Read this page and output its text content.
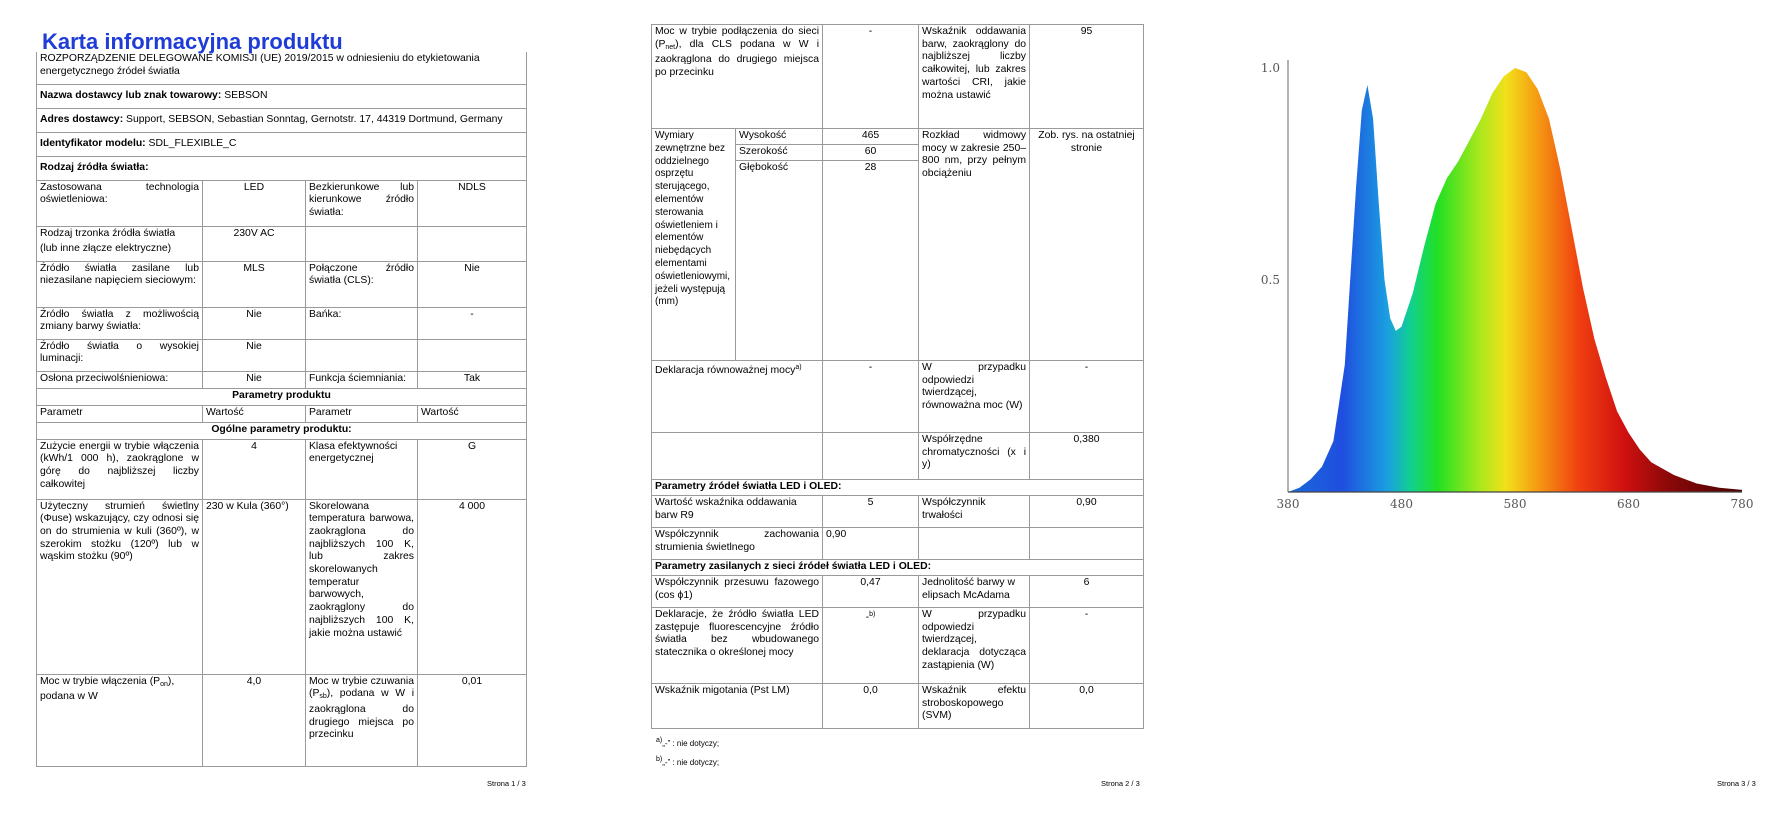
Karta informacyjna produktu
ROZPORZĄDZENIE DELEGOWANE KOMISJI (UE) 2019/2015 w odniesieniu do etykietowania energetycznego źródeł światła			
Nazwa dostawcy lub znak towarowy: SEBSON			
Adres dostawcy: Support, SEBSON, Sebastian Sonntag, Gernotstr. 17, 44319 Dortmund, Germany			
Identyfikator modelu: SDL_FLEXIBLE_C			
Rodzaj źródła światła:			
Zastosowana technologia oświetleniowa:	LED	Bezkierunkowe lub kierunkowe źródło światła:	NDLS

Rodzaj trzonka źródła światła
(lub inne złącze elektryczne)	230V AC		
Źródło światła zasilane lub niezasilane napięciem sieciowym:	MLS	Połączone źródło światła (CLS):	Nie
Źródło światła z możliwością zmiany barwy światła:	Nie	Bańka:	-
Źródło światła o wysokiej luminacji:	Nie		
Osłona przeciwolśnieniowa:	Nie	Funkcja ściemniania:	Tak
Parametry produktu			
Parametr	Wartość	Parametr	Wartość
Ogólne parametry produktu:			
Zużycie energii w trybie włączenia (kWh/1 000 h), zaokrąglone w górę do najbliższej liczby całkowitej	4	Klasa efektywności energetycznej	G
Użyteczny strumień świetlny (Φuse) wskazujący, czy odnosi się on do strumienia w kuli (360º), w szerokim stożku (120º) lub w wąskim stożku (90º)	230 w Kula (360°)	Skorelowana temperatura barwowa, zaokrąglona do najbliższych 100 K, lub zakres skorelowanych temperatur barwowych, zaokrąglony do najbliższych 100 K, jakie można ustawić	4 000
Moc w trybie włączenia $(P_{on})$, podana w W	4,0	Moc w trybie czuwania $(P_{sb})$, podana w W i zaokrąglona do drugiego miejsca po przecinku	0,01
Strona 1 / 3
Moc w trybie podłączenia do sieci $(P_{net})$, dla CLS podana w W i zaokrąglona do drugiego miejsca po przecinku		-	Wskaźnik oddawania barw, zaokrąglony do najbliższej liczby całkowitej, lub zakres wartości CRI, jakie można ustawić	95
Wymiary zewnętrzne bez oddzielnego osprzętu sterującego, elementów sterowania oświetleniem i elementów niebędących elementami oświetleniowymi, jeżeli występują (mm)	Wysokość	465	Rozkład widmowy mocy w zakresie 250–800 nm, przy pełnym obciążeniu	Zob. rys. na ostatniej stronie
	Szerokość	60		
	Głębokość	28		
Deklaracja równoważnej mocy$^{a)}$		-	W przypadku odpowiedzi twierdzącej, równoważna moc (W)	-
			Współrzędne chromatyczności (x i y)	0,380
Parametry źródeł światła LED i OLED:				
Wartość wskaźnika oddawania barw R9		5	Współczynnik trwałości	0,90
Współczynnik zachowania strumienia świetlnego		0,90		
Parametry zasilanych z sieci źródeł światła LED i OLED:				
Współczynnik przesuwu fazowego (cos ϕ1)		0,47	Jednolitość barwy w elipsach McAdama	6
Deklaracje, że źródło światła LED zastępuje fluorescencyjne źródło światła bez wbudowanego statecznika o określonej mocy		-$^{b)}$	W przypadku odpowiedzi twierdzącej, deklaracja dotycząca zastąpienia (W)	-
Wskaźnik migotania (Pst LM)		0,0	Wskaźnik efektu stroboskopowego (SVM)	0,0
Strona 2 / 3
a)„-” : nie dotyczy;
b)„-” : nie dotyczy;
380	480	580	680	780
0.5
1.0
Strona 3 / 3
